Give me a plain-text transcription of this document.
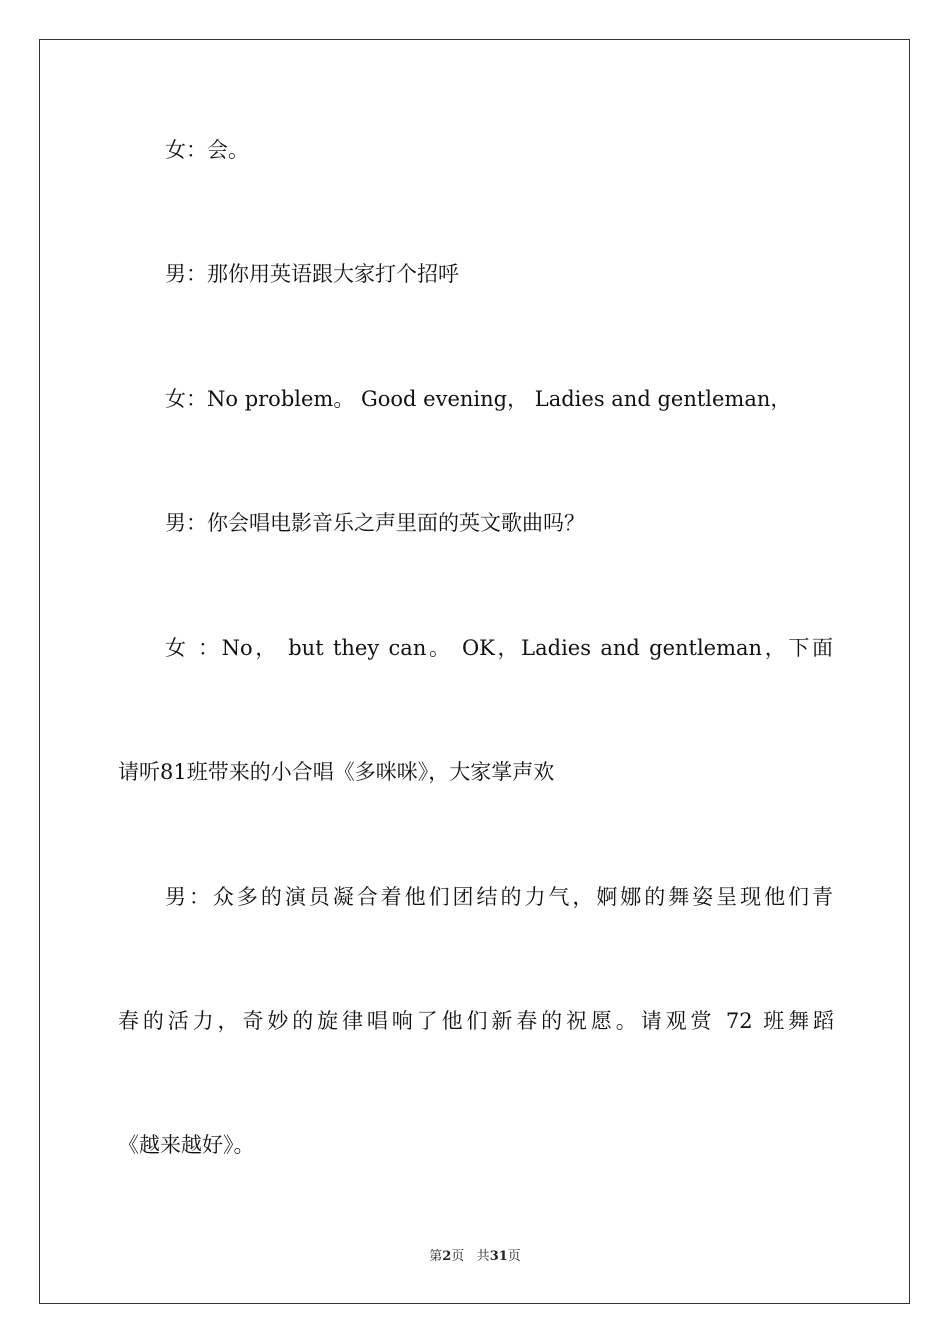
女：会。
男：那你用英语跟大家打个招呼
女：No problem。 Good evening， Ladies and gentleman，
男：你会唱电影音乐之声里面的英文歌曲吗？
女 ：No， but they can。 OK，Ladies and gentleman，下面
请听81班带来的小合唱《多咪咪》，大家掌声欢
男：众多的演员凝合着他们团结的力气，婀娜的舞姿呈现他们青
春的活力，奇妙的旋律唱响了他们新春的祝愿。请观赏 72 班舞蹈
《越来越好》。
第2页 共31页
